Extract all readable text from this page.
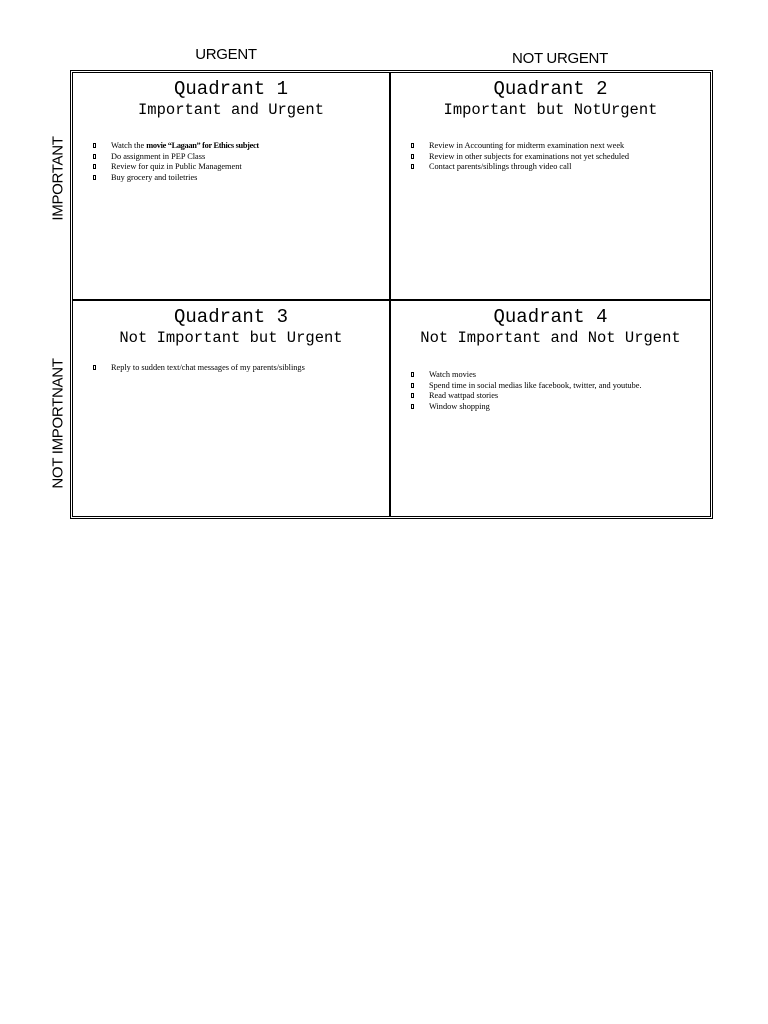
URGENT	NOT URGENT
IMPORTANT
NOT IMPORTNANT
Quadrant 1
Important and Urgent
Watch the movie “Lagaan” for Ethics subject
Do assignment in PEP Class
Review for quiz in Public Management
Buy grocery and toiletries
Quadrant 2
Important but NotUrgent
Review in Accounting for midterm examination next week
Review in other subjects for examinations not yet scheduled
Contact parents/siblings through video call
Quadrant 3
Not Important but Urgent
Reply to sudden text/chat messages of my parents/siblings
Quadrant 4
Not Important and Not Urgent
Watch movies
Spend time in social medias like facebook, twitter, and youtube.
Read wattpad stories
Window shopping
